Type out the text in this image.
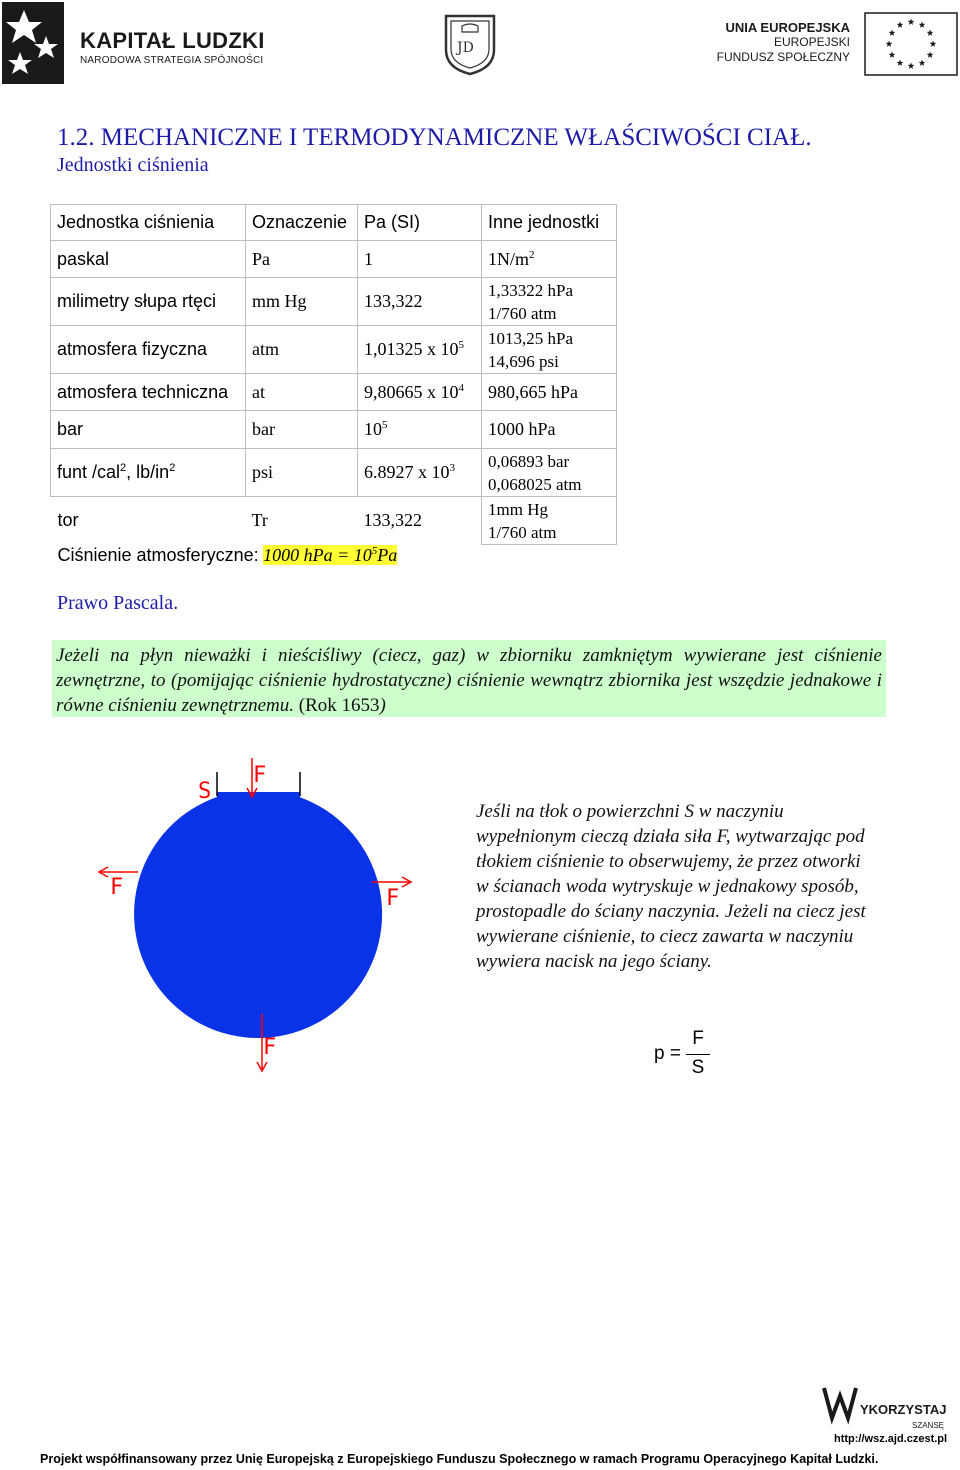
KAPITAŁ LUDZKI
NARODOWA STRATEGIA SPÓJNOŚCI
JD
UNIA EUROPEJSKA
EUROPEJSKI
FUNDUSZ SPOŁECZNY
1.2. MECHANICZNE I TERMODYNAMICZNE WŁAŚCIWOŚCI CIAŁ.
Jednostki ciśnienia
Jednostka ciśnienia	Oznaczenie	Pa (SI)	Inne jednostki
paskal	Pa	1	$1N/m^2$
milimetry słupa rtęci	mm Hg	133,322	1,33322 hPa
1/760 atm

atmosfera fizyczna	atm	1,01325 x $10^5$	1013,25 hPa
14,696 psi

atmosfera techniczna	at	9,80665 x $10^4$	980,665 hPa
bar	bar	$10^5$	1000 hPa
funt /cal$^2$, $lb/in^2$	psi	6.8927 x $10^3$	0,06893 bar
0,068025 atm

tor	Tr	133,322	1mm Hg
1/760 atm

Ciśnienie atmosferyczne: 1000 hPa = $10^5Pa$			
Prawo Pascala.
Jeżeli na płyn nieważki i nieściśliwy (ciecz, gaz) w zbiorniku zamkniętym wywierane jest ciśnienie zewnętrzne, to (pomijając ciśnienie hydrostatyczne) ciśnienie wewnątrz zbiornika jest wszędzie jednakowe i równe ciśnieniu zewnętrznemu. (Rok 1653)
S
F
F	F
F
Jeśli na tłok o powierzchni S w naczyniu wypełnionym cieczą działa siła F, wytwarzając pod tłokiem ciśnienie to obserwujemy, że przez otworki w ścianach woda wytryskuje w jednakowy sposób, prostopadle do ściany naczynia. Jeżeli na ciecz jest wywierane ciśnienie, to ciecz zawarta w naczyniu wywiera nacisk na jego ściany.
p =
F
S
YKORZYSTAJ
SZANSĘ
http://wsz.ajd.czest.pl
Projekt współfinansowany przez Unię Europejską z Europejskiego Funduszu Społecznego w ramach Programu Operacyjnego Kapitał Ludzki.
